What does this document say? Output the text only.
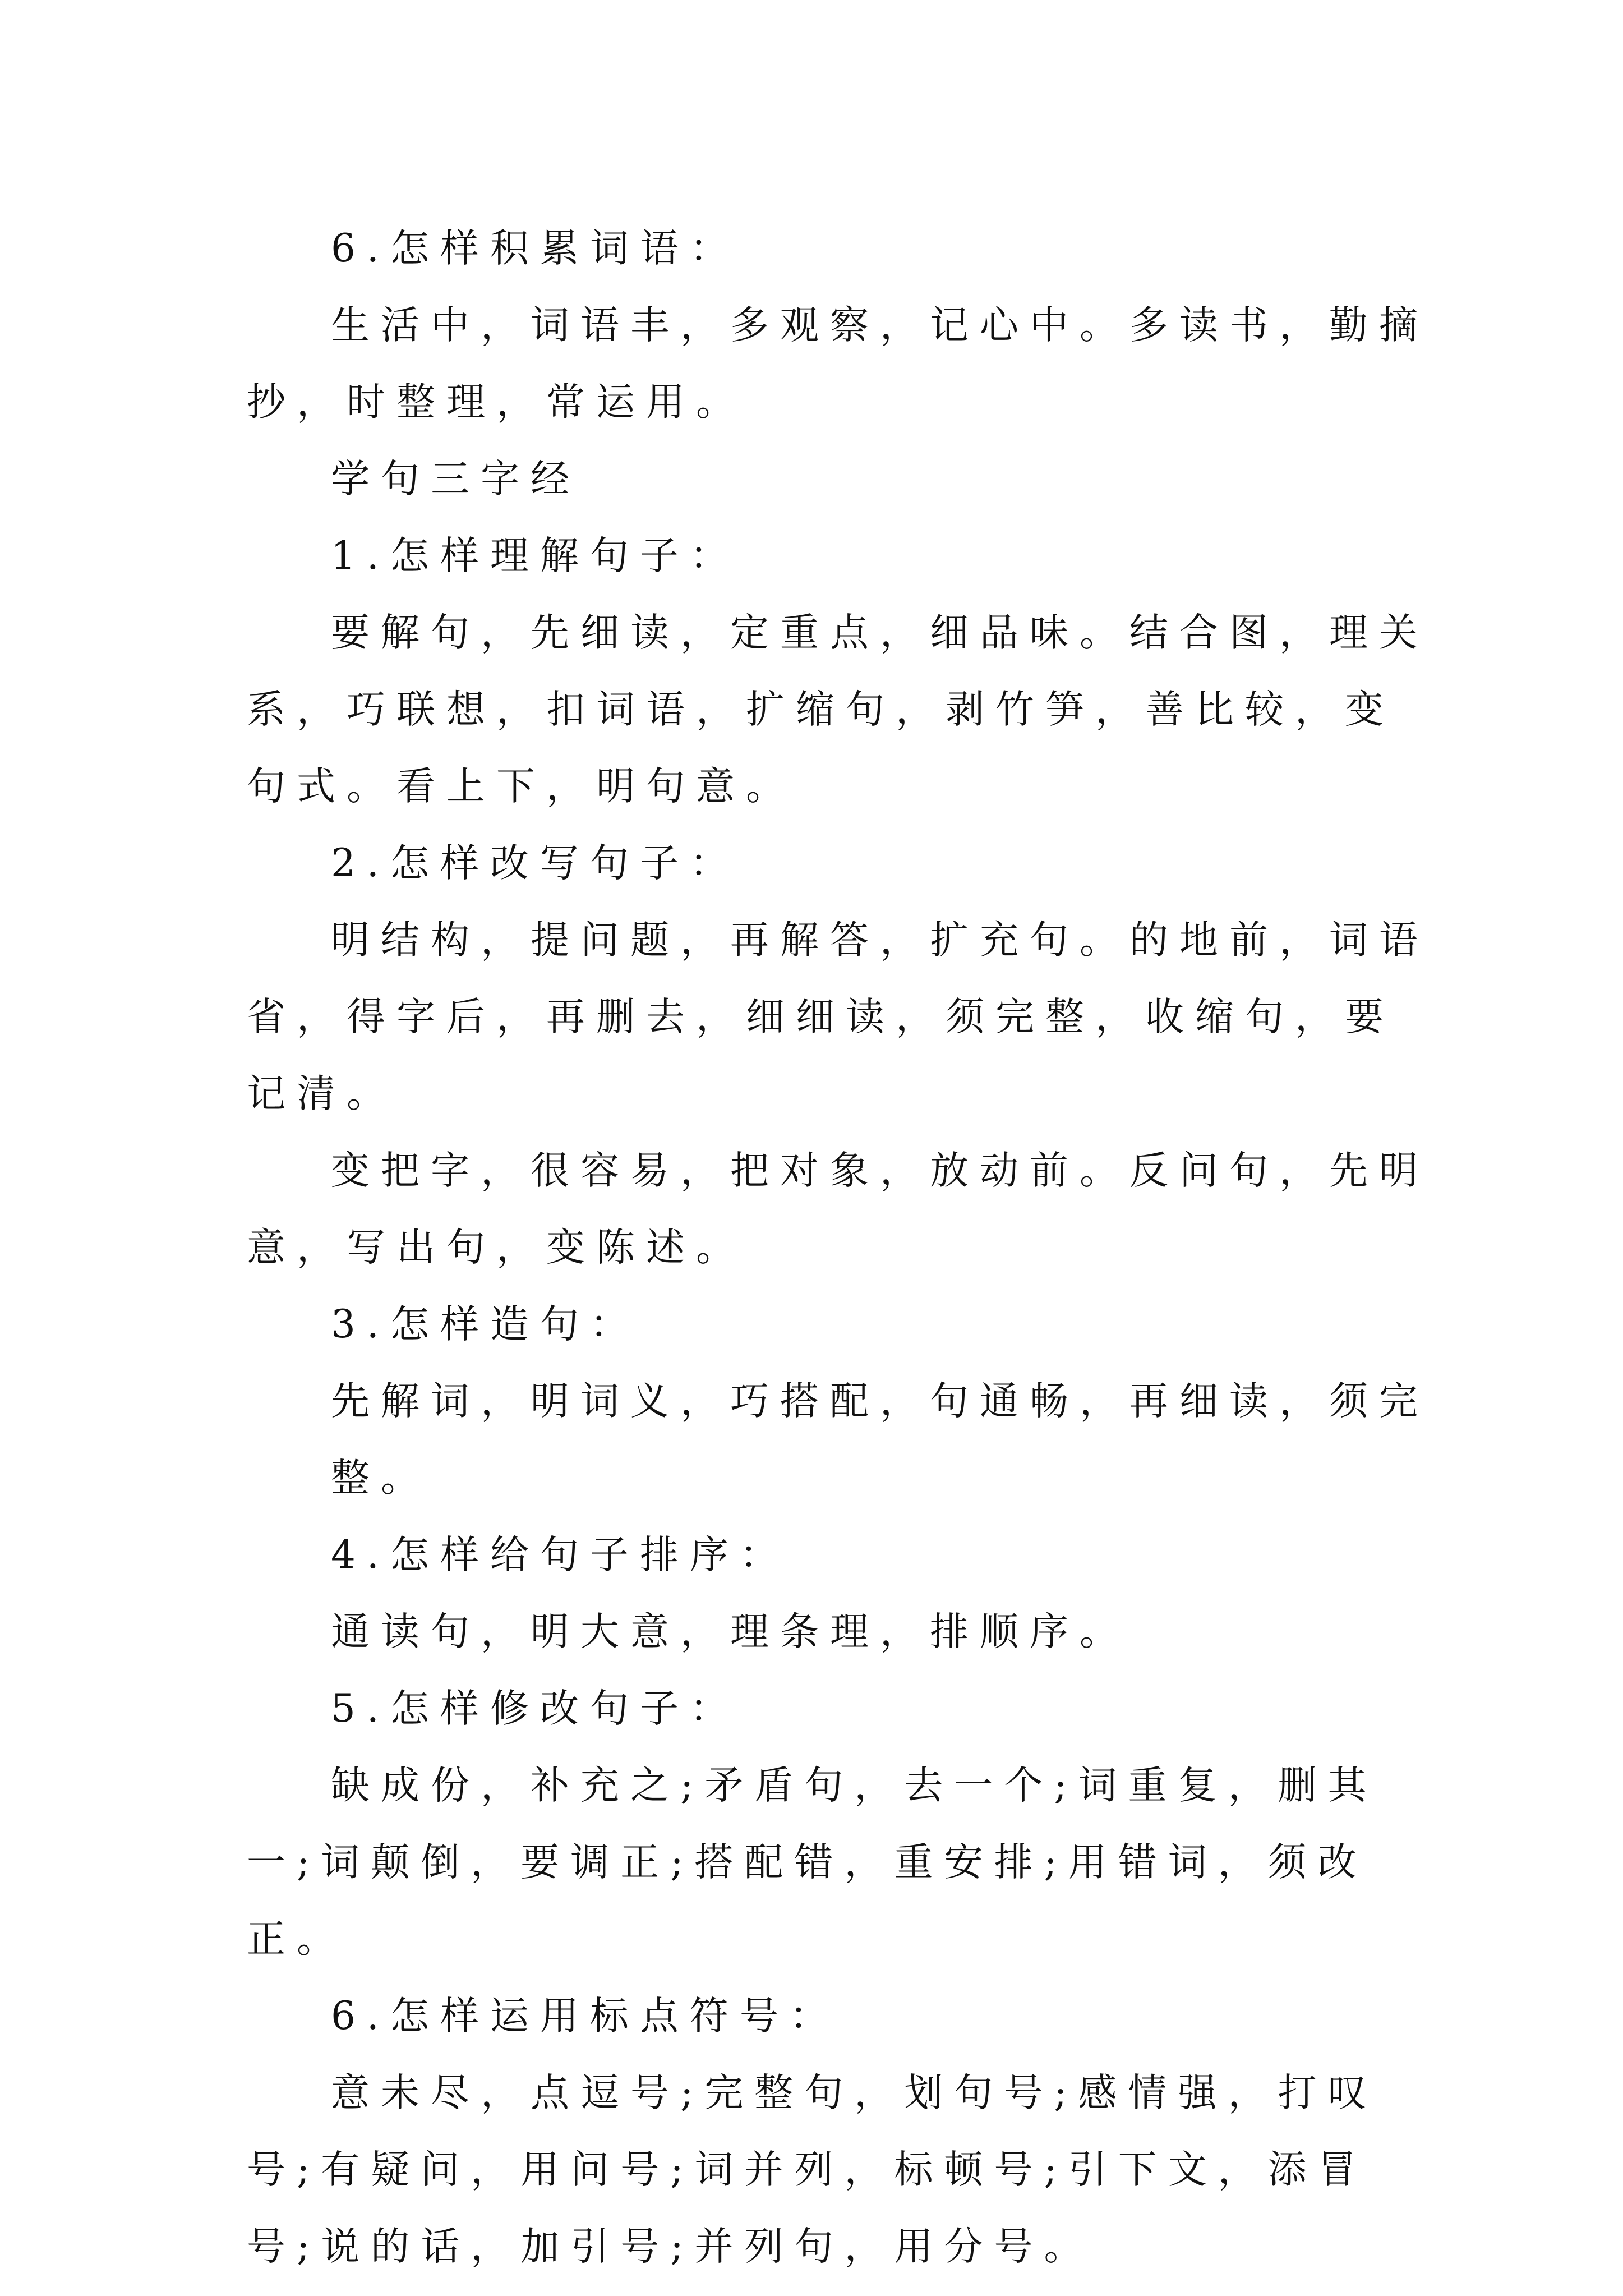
6.怎样积累词语：

生活中，词语丰，多观察，记心中。多读书，勤摘抄，时整理，常运用。

学句三字经

1.怎样理解句子：

要解句，先细读，定重点，细品味。结合图，理关系，巧联想，扣词语，扩缩句，剥竹笋，善比较，变句式。看上下，明句意。

2.怎样改写句子：

明结构，提问题，再解答，扩充句。的地前，词语省，得字后，再删去，细细读，须完整，收缩句，要记清。

变把字，很容易，把对象，放动前。反问句，先明意，写出句，变陈述。

3.怎样造句：

先解词，明词义，巧搭配，句通畅，再细读，须完整。

4.怎样给句子排序：

通读句，明大意，理条理，排顺序。

5.怎样修改句子：

缺成份，补充之;矛盾句，去一个;词重复，删其一;词颠倒，要调正;搭配错，重安排;用错词，须改正。

6.怎样运用标点符号：

意未尽，点逗号;完整句，划句号;感情强，打叹号;有疑问，用问号;词并列，标顿号;引下文，添冒号;说的话，加引号;并列句，用分号。
